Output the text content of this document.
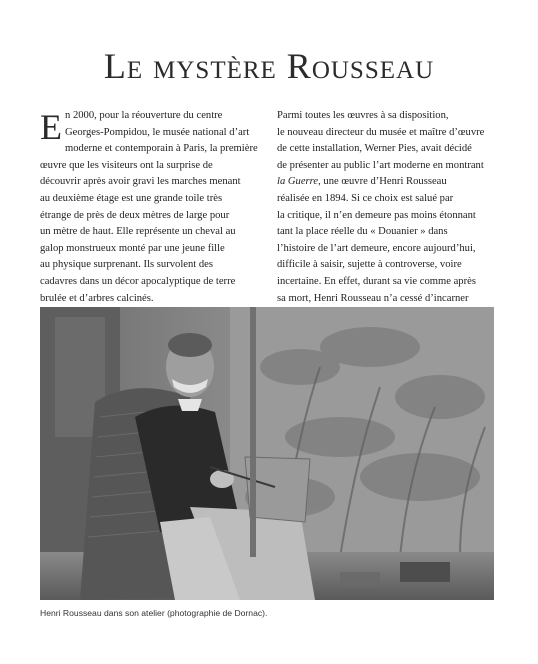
Le mystère Rousseau

E n 2000, pour la réouverture du centre
Georges-Pompidou, le musée national d’art
moderne et contemporain à Paris, la première
œuvre que les visiteurs ont la surprise de
découvrir après avoir gravi les marches menant
au deuxième étage est une grande toile très
étrange de près de deux mètres de large pour
un mètre de haut. Elle représente un cheval au
galop monstrueux monté par une jeune fille
au physique surprenant. Ils survolent des
cadavres dans un décor apocalyptique de terre
brulée et d’arbres calcinés.

Parmi toutes les œuvres à sa disposition,
le nouveau directeur du musée et maître d’œuvre
de cette installation, Werner Pies, avait décidé
de présenter au public l’art moderne en montrant
la Guerre, une œuvre d’Henri Rousseau
réalisée en 1894. Si ce choix est salué par
la critique, il n’en demeure pas moins étonnant
tant la place réelle du « Douanier » dans
l’histoire de l’art demeure, encore aujourd’hui,
difficile à saisir, sujette à controverse, voire
incertaine. En effet, durant sa vie comme après
sa mort, Henri Rousseau n’a cessé d’incarner

Henri Rousseau dans son atelier (photographie de Dornac).
